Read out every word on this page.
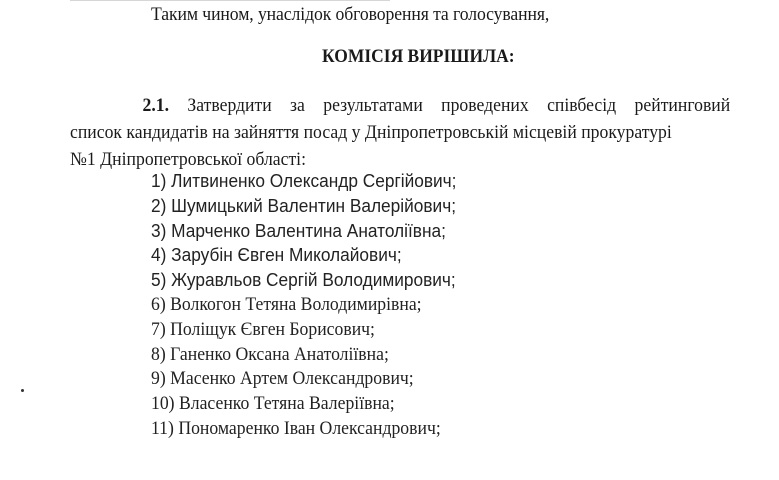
Таким чином, унаслідок обговорення та голосування,
КОМІСІЯ ВИРІШИЛА:
2.1. Затвердити за результатами проведених співбесід рейтинговий
список кандидатів на зайняття посад у Дніпропетровській місцевій прокуратурі
№1 Дніпропетровської області:
1) Литвиненко Олександр Сергійович;
2) Шумицький Валентин Валерійович;
3) Марченко Валентина Анатоліївна;
4) Зарубін Євген Миколайович;
5) Журавльов Сергій Володимирович;
6) Волкогон Тетяна Володимирівна;
7) Поліщук Євген Борисович;
8) Ганенко Оксана Анатоліївна;
9) Масенко Артем Олександрович;
10) Власенко Тетяна Валеріївна;
11) Пономаренко Іван Олександрович;
